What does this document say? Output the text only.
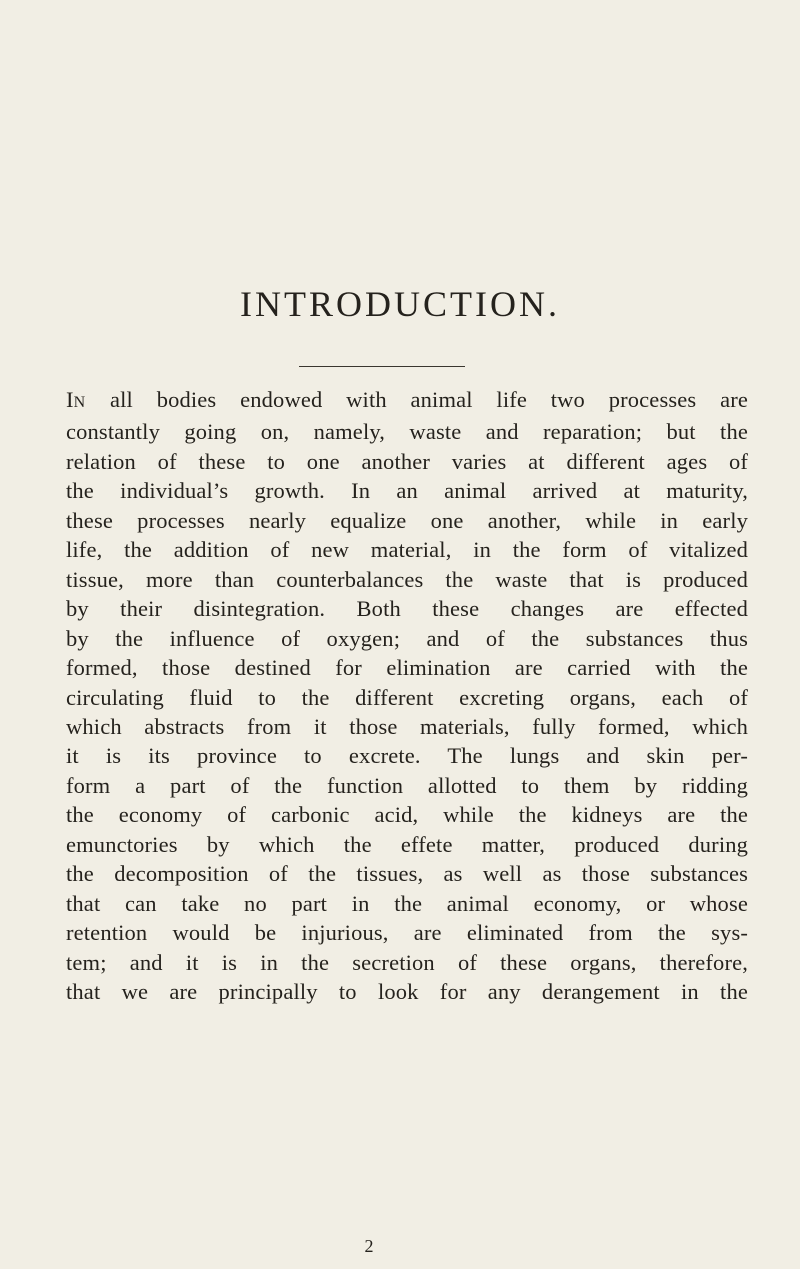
INTRODUCTION.

IN all bodies endowed with animal life two processes are
constantly going on, namely, waste and reparation; but the
relation of these to one another varies at different ages of
the individual’s growth. In an animal arrived at maturity,
these processes nearly equalize one another, while in early
life, the addition of new material, in the form of vitalized
tissue, more than counterbalances the waste that is produced
by their disintegration. Both these changes are effected
by the influence of oxygen; and of the substances thus
formed, those destined for elimination are carried with the
circulating fluid to the different excreting organs, each of
which abstracts from it those materials, fully formed, which
it is its province to excrete. The lungs and skin per-
form a part of the function allotted to them by ridding
the economy of carbonic acid, while the kidneys are the
emunctories by which the effete matter, produced during
the decomposition of the tissues, as well as those substances
that can take no part in the animal economy, or whose
retention would be injurious, are eliminated from the sys-
tem; and it is in the secretion of these organs, therefore,
that we are principally to look for any derangement in the

2
